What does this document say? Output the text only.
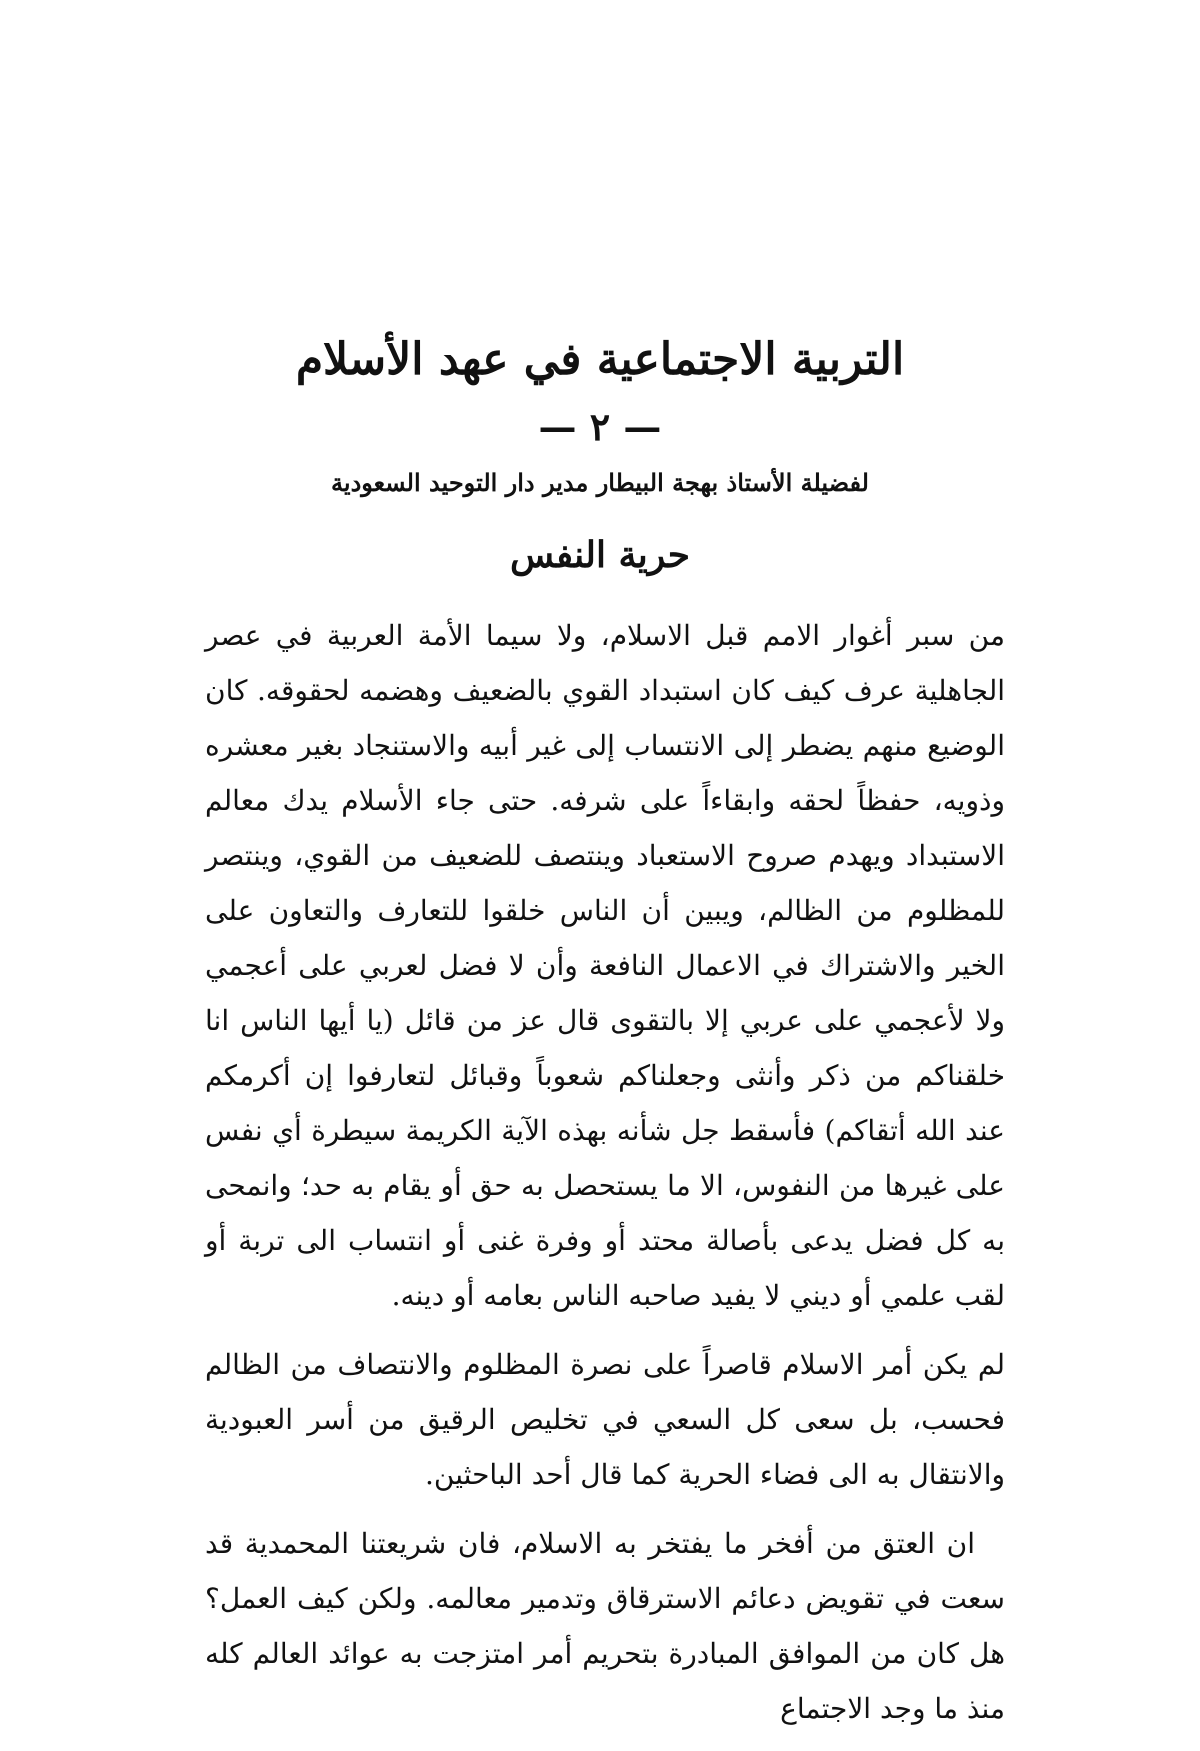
التربية الاجتماعية في عهد الأسلام
— ٢ —
لفضيلة الأستاذ بهجة البيطار مدير دار التوحيد السعودية
حرية النفس

من سبر أغوار الامم قبل الاسلام، ولا سيما الأمة العربية في عصر الجاهلية عرف كيف كان استبداد القوي بالضعيف وهضمه لحقوقه. كان الوضيع منهم يضطر إلى الانتساب إلى غير أبيه والاستنجاد بغير معشره وذويه، حفظاً لحقه وابقاءاً على شرفه. حتى جاء الأسلام يدك معالم الاستبداد ويهدم صروح الاستعباد وينتصف للضعيف من القوي، وينتصر للمظلوم من الظالم، ويبين أن الناس خلقوا للتعارف والتعاون على الخير والاشتراك في الاعمال النافعة وأن لا فضل لعربي على أعجمي ولا لأعجمي على عربي إلا بالتقوى قال عز من قائل (يا أيها الناس انا خلقناكم من ذكر وأنثى وجعلناكم شعوباً وقبائل لتعارفوا إن أكرمكم عند الله أتقاكم) فأسقط جل شأنه بهذه الآية الكريمة سيطرة أي نفس على غيرها من النفوس، الا ما يستحصل به حق أو يقام به حد؛ وانمحى به كل فضل يدعى بأصالة محتد أو وفرة غنى أو انتساب الى تربة أو لقب علمي أو ديني لا يفيد صاحبه الناس بعامه أو دينه.

لم يكن أمر الاسلام قاصراً على نصرة المظلوم والانتصاف من الظالم فحسب، بل سعى كل السعي في تخليص الرقيق من أسر العبودية والانتقال به الى فضاء الحرية كما قال أحد الباحثين.

ان العتق من أفخر ما يفتخر به الاسلام، فان شريعتنا المحمدية قد سعت في تقويض دعائم الاسترقاق وتدمير معالمه. ولكن كيف العمل؟ هل كان من الموافق المبادرة بتحريم أمر امتزجت به عوائد العالم كله منذ ما وجد الاجتماع
